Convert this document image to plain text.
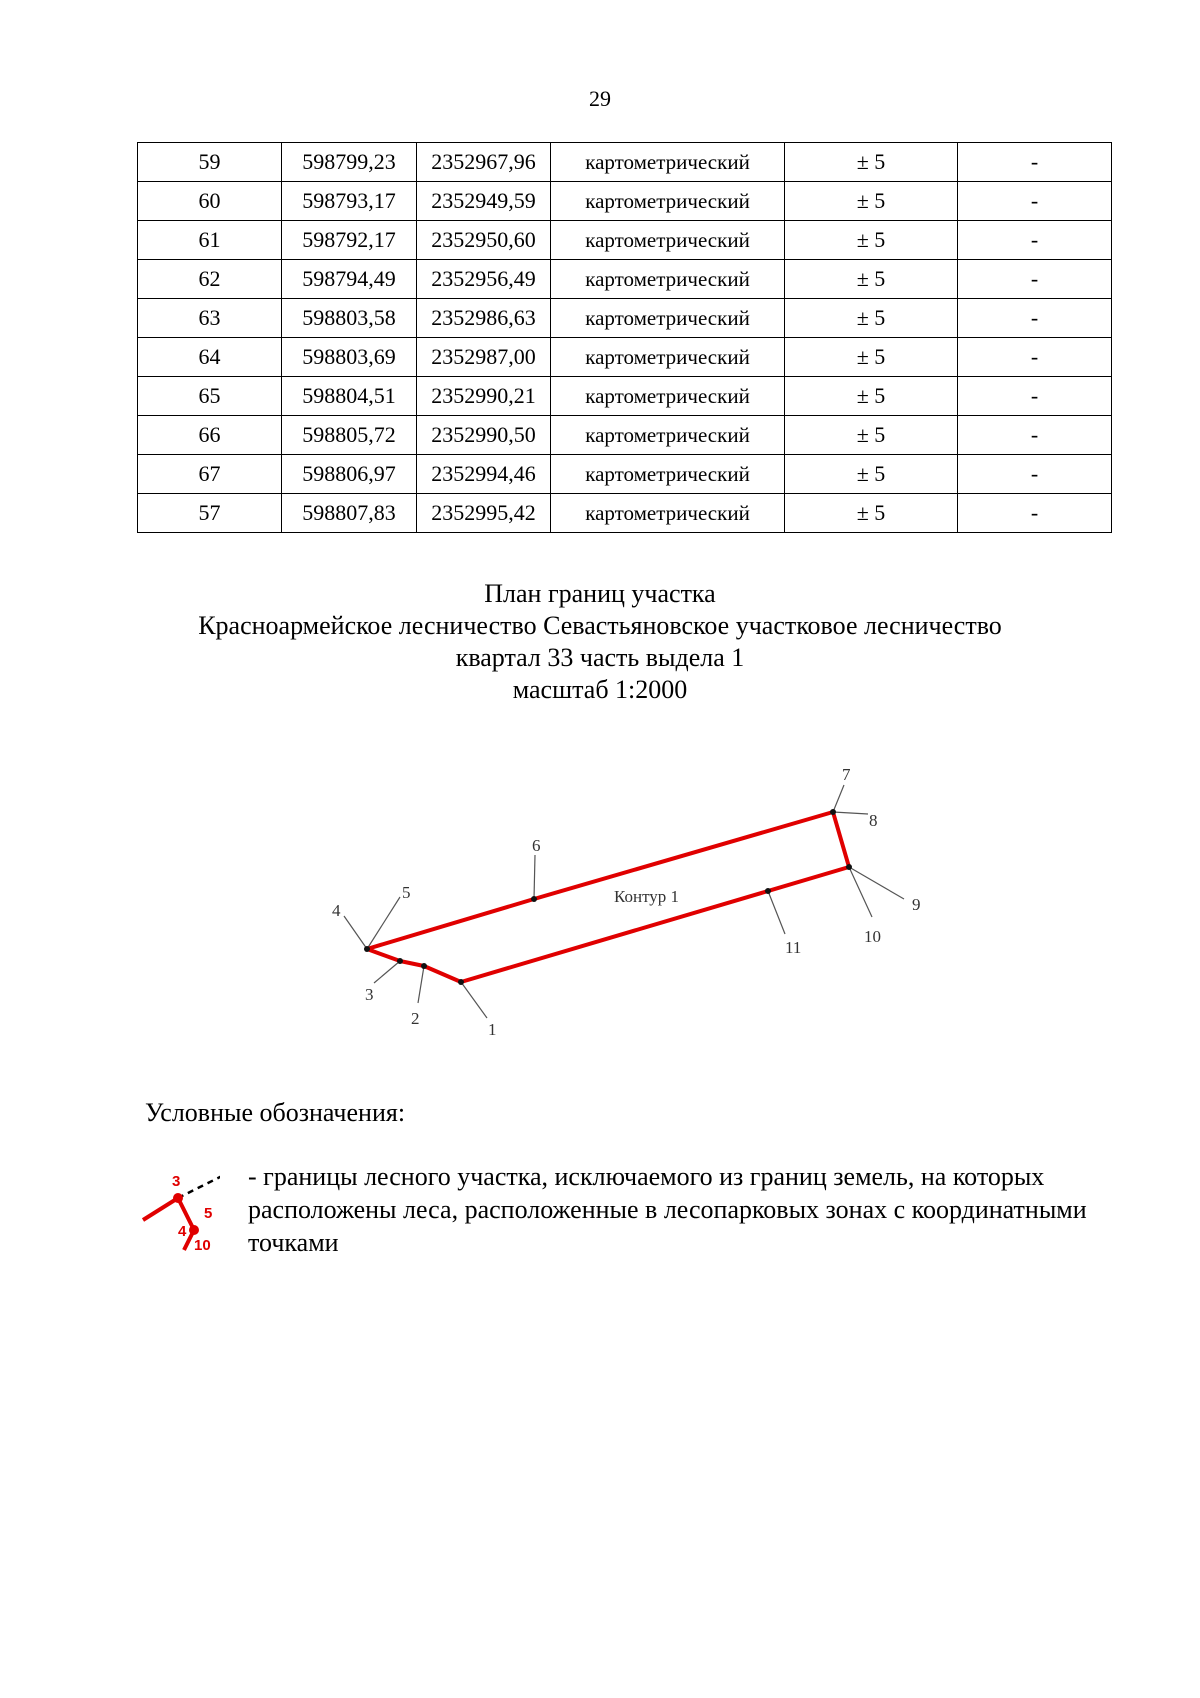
29
59	598799,23	2352967,96	картометрический	± 5	-
60	598793,17	2352949,59	картометрический	± 5	-
61	598792,17	2352950,60	картометрический	± 5	-
62	598794,49	2352956,49	картометрический	± 5	-
63	598803,58	2352986,63	картометрический	± 5	-
64	598803,69	2352987,00	картометрический	± 5	-
65	598804,51	2352990,21	картометрический	± 5	-
66	598805,72	2352990,50	картометрический	± 5	-
67	598806,97	2352994,46	картометрический	± 5	-
57	598807,83	2352995,42	картометрический	± 5	-
План границ участка
Красноармейское лесничество Севастьяновское участковое лесничество
квартал 33 часть выдела 1
масштаб 1:2000
1
2
3
4
5
6
7
8
9
10
11
Контур 1
Условные обозначения:
3
5
4
10
- границы лесного участка, исключаемого из границ земель, на которых расположены леса, расположенные в лесопарковых зонах с координатными точками
